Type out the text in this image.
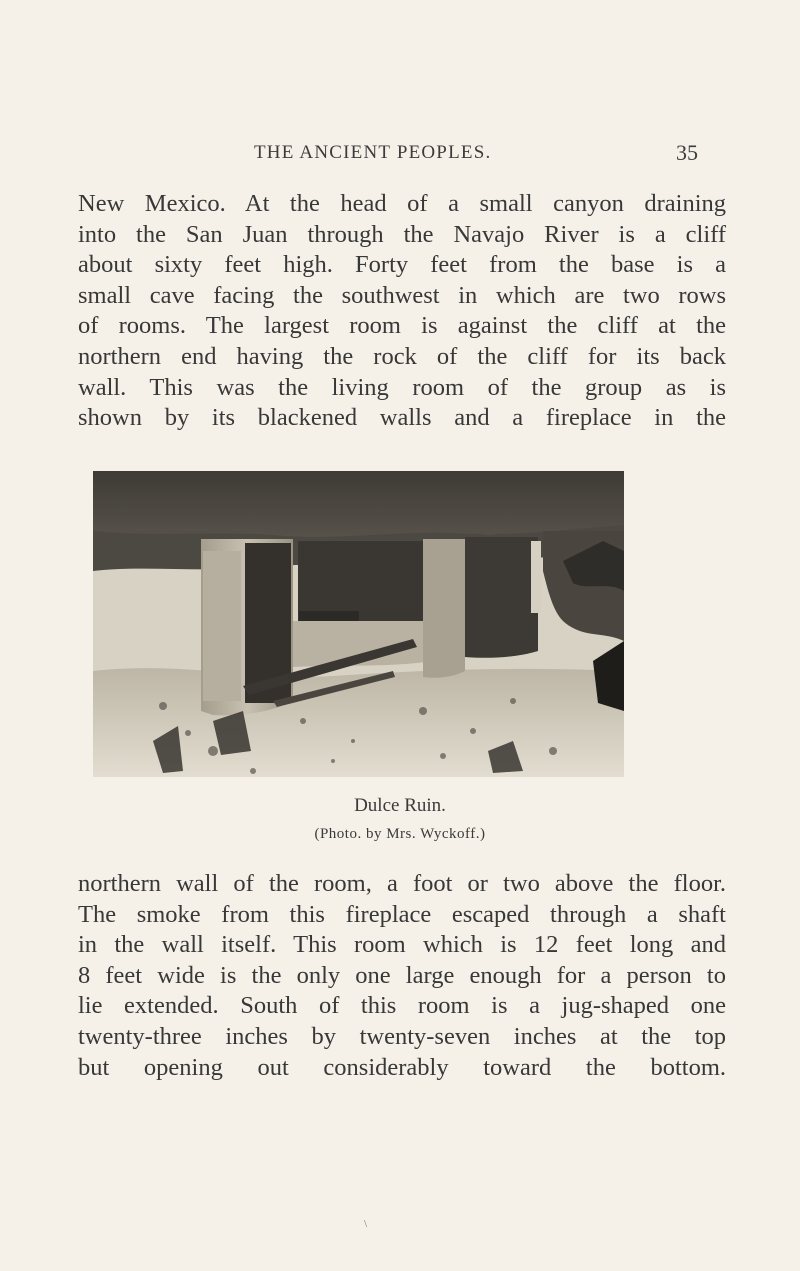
THE ANCIENT PEOPLES.	35
New Mexico. At the head of a small canyon draining
into the San Juan through the Navajo River is a cliff
about sixty feet high. Forty feet from the base is a
small cave facing the southwest in which are two rows
of rooms. The largest room is against the cliff at the
northern end having the rock of the cliff for its back
wall. This was the living room of the group as is
shown by its blackened walls and a fireplace in the
Dulce Ruin.
(Photo. by Mrs. Wyckoff.)
northern wall of the room, a foot or two above the floor.
The smoke from this fireplace escaped through a shaft
in the wall itself. This room which is 12 feet long and
8 feet wide is the only one large enough for a person to
lie extended. South of this room is a jug-shaped one
twenty-three inches by twenty-seven inches at the top
but opening out considerably toward the bottom.
\
